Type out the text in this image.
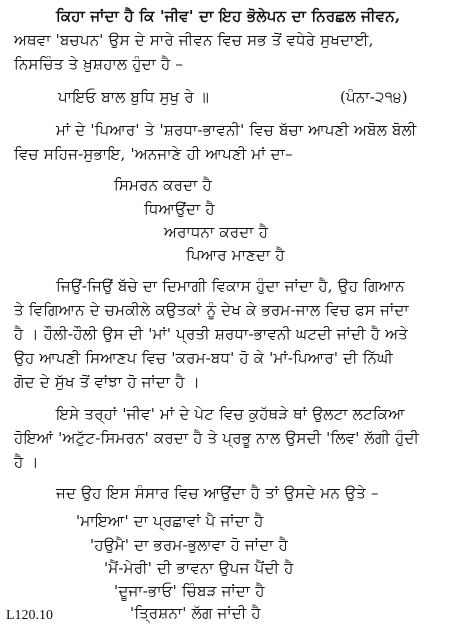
ਕਿਹਾ ਜਾਂਦਾ ਹੈ ਕਿ 'ਜੀਵ' ਦਾ ਇਹ ਭੋਲੇਪਨ ਦਾ ਨਿਰਛਲ ਜੀਵਨ,
ਅਥਵਾ 'ਬਚਪਨ' ਉਸ ਦੇ ਸਾਰੇ ਜੀਵਨ ਵਿਚ ਸਭ ਤੋਂ ਵਧੇਰੇ ਸੁਖਦਾਈ,
ਨਿਸਚਿੰਤ ਤੇ ਖ਼ੁਸ਼ਹਾਲ ਹੁੰਦਾ ਹੈ –
ਪਾਇਓ ਬਾਲ ਬੁਧਿ ਸੁਖੁ ਰੇ ॥	(ਪੰਨਾ-੨੧੪)
ਮਾਂ ਦੇ 'ਪਿਆਰ' ਤੇ 'ਸ਼ਰਧਾ-ਭਾਵਨੀ' ਵਿਚ ਬੱਚਾ ਆਪਣੀ ਅਬੋਲ ਬੋਲੀ
ਵਿਚ ਸਹਿਜ-ਸੁਭਾਇ, 'ਅਨਜਾਣੇ ਹੀ ਆਪਣੀ ਮਾਂ ਦਾ–
ਸਿਮਰਨ ਕਰਦਾ ਹੈ
ਧਿਆਉਂਦਾ ਹੈ
ਅਰਾਧਨਾ ਕਰਦਾ ਹੈ
ਪਿਆਰ ਮਾਣਦਾ ਹੈ
ਜਿਉਂ-ਜਿਉਂ ਬੱਚੇ ਦਾ ਦਿਮਾਗੀ ਵਿਕਾਸ ਹੁੰਦਾ ਜਾਂਦਾ ਹੈ, ਉਹ ਗਿਆਨ
ਤੇ ਵਿਗਿਆਨ ਦੇ ਚਮਕੀਲੇ ਕਉਤਕਾਂ ਨੂੰ ਦੇਖ ਕੇ ਭਰਮ-ਜਾਲ ਵਿਚ ਫਸ ਜਾਂਦਾ
ਹੈ । ਹੌਲੀ-ਹੌਲੀ ਉਸ ਦੀ 'ਮਾਂ' ਪ੍ਰਤੀ ਸ਼ਰਧਾ-ਭਾਵਨੀ ਘਟਦੀ ਜਾਂਦੀ ਹੈ ਅਤੇ
ਉਹ ਆਪਣੀ ਸਿਆਣਪ ਵਿਚ 'ਕਰਮ-ਬਧ' ਹੋ ਕੇ 'ਮਾਂ-ਪਿਆਰ' ਦੀ ਨਿੱਘੀ
ਗੋਦ ਦੇ ਸੁੱਖ ਤੋਂ ਵਾਂਝਾ ਹੋ ਜਾਂਦਾ ਹੈ ।
ਇਸੇ ਤਰ੍ਹਾਂ 'ਜੀਵ' ਮਾਂ ਦੇ ਪੇਟ ਵਿਚ ਕੁਹੱਥੜੇ ਥਾਂ ਉਲਟਾ ਲਟਕਿਆ
ਹੋਇਆਂ 'ਅਟੁੱਟ-ਸਿਮਰਨ' ਕਰਦਾ ਹੈ ਤੇ ਪ੍ਰਭੂ ਨਾਲ ਉਸਦੀ 'ਲਿਵ' ਲੱਗੀ ਹੁੰਦੀ
ਹੈ ।
ਜਦ ਉਹ ਇਸ ਸੰਸਾਰ ਵਿਚ ਆਉਂਦਾ ਹੈ ਤਾਂ ਉਸਦੇ ਮਨ ਉਤੇ –
'ਮਾਇਆ' ਦਾ ਪ੍ਰਛਾਵਾਂ ਪੈ ਜਾਂਦਾ ਹੈ
'ਹਉਮੈ' ਦਾ ਭਰਮ-ਭੁਲਾਵਾ ਹੋ ਜਾਂਦਾ ਹੈ
'ਮੈਂ-ਮੇਰੀ' ਦੀ ਭਾਵਨਾ ਉਪਜ ਪੈਂਦੀ ਹੈ
'ਦੂਜਾ-ਭਾਓ' ਚਿੰਬੜ ਜਾਂਦਾ ਹੈ
'ਤ੍ਰਿਸ਼ਨਾ' ਲੱਗ ਜਾਂਦੀ ਹੈ
L120.10
